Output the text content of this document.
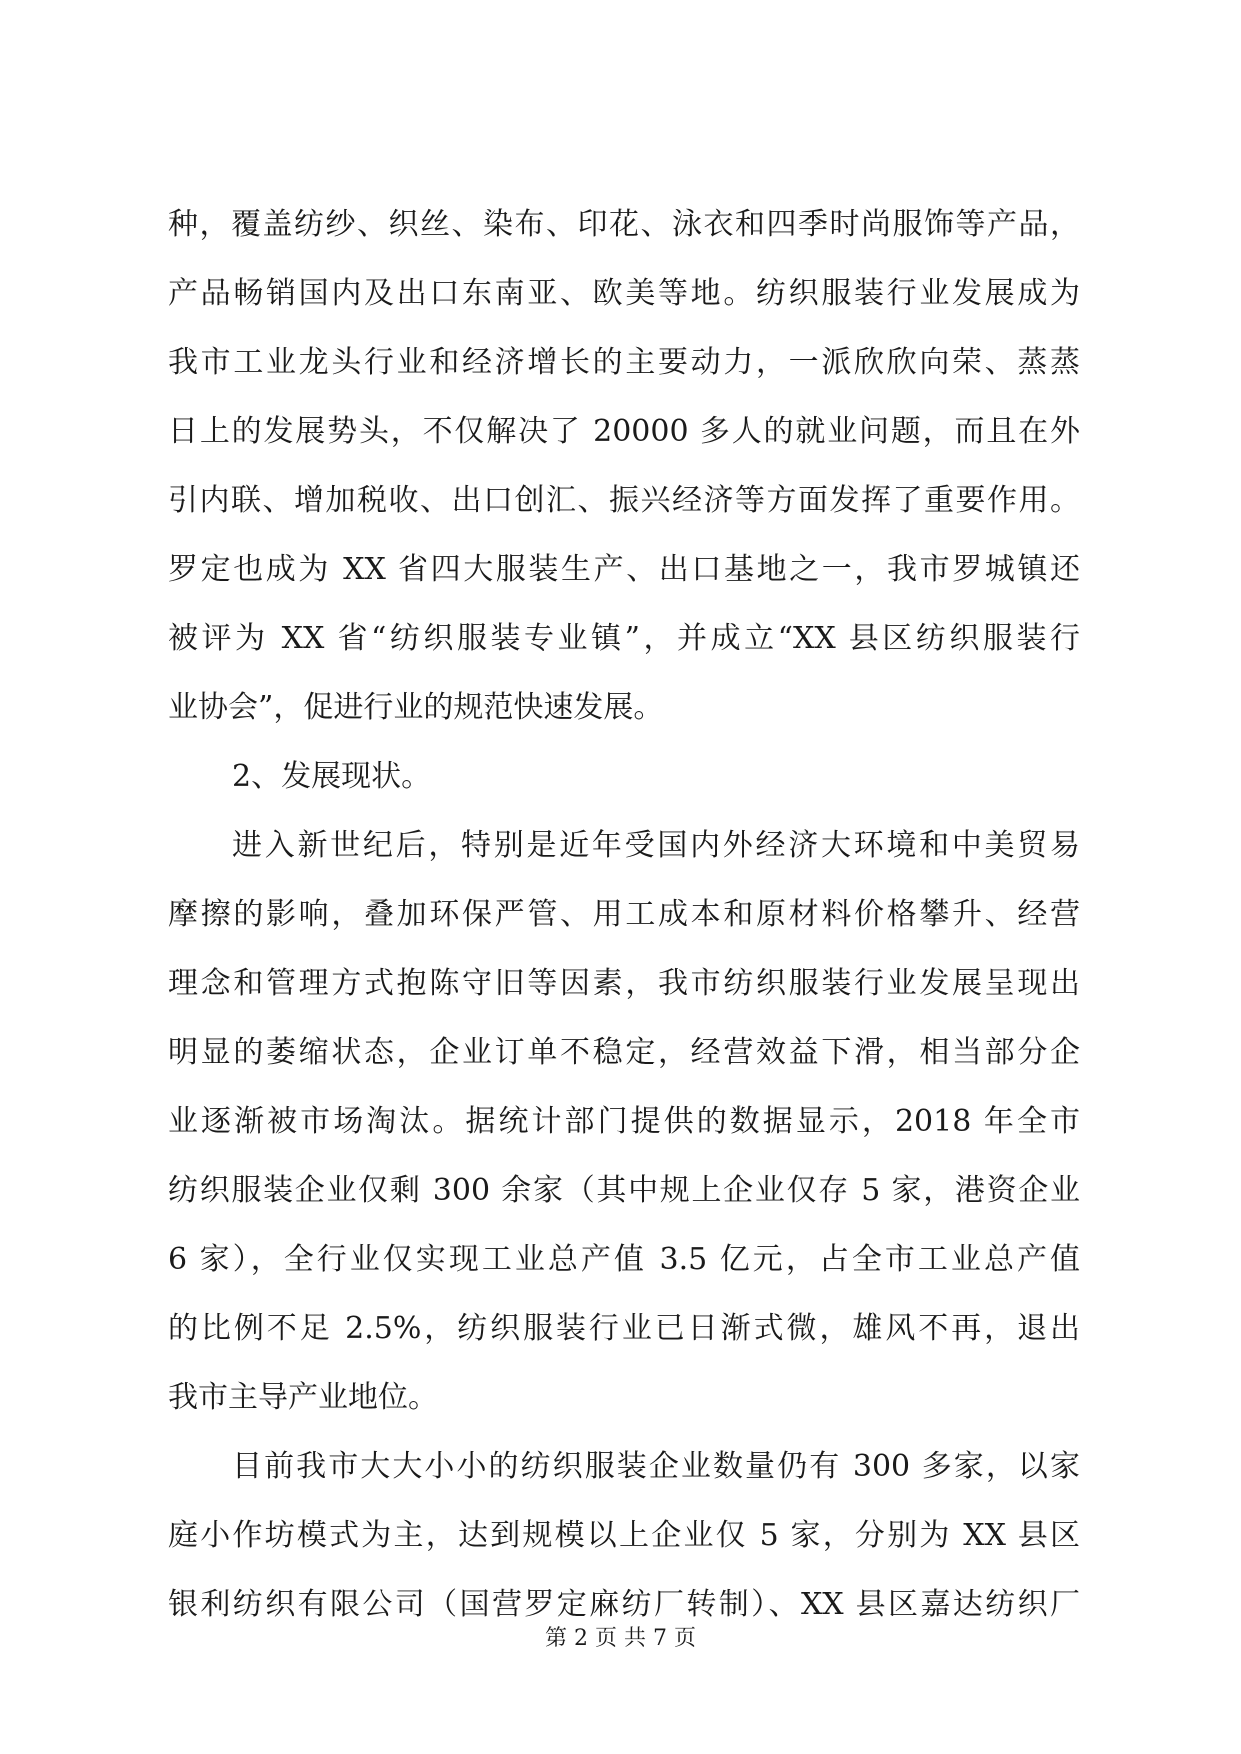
种，覆盖纺纱、织丝、染布、印花、泳衣和四季时尚服饰等产品，
产品畅销国内及出口东南亚、欧美等地。纺织服装行业发展成为
我市工业龙头行业和经济增长的主要动力，一派欣欣向荣、蒸蒸
日上的发展势头，不仅解决了 20000 多人的就业问题，而且在外
引内联、增加税收、出口创汇、振兴经济等方面发挥了重要作用。
罗定也成为 XX 省四大服装生产、出口基地之一，我市罗城镇还
被评为 XX 省“纺织服装专业镇”，并成立“XX 县区纺织服装行
业协会”，促进行业的规范快速发展。
2、发展现状。
进入新世纪后，特别是近年受国内外经济大环境和中美贸易
摩擦的影响，叠加环保严管、用工成本和原材料价格攀升、经营
理念和管理方式抱陈守旧等因素，我市纺织服装行业发展呈现出
明显的萎缩状态，企业订单不稳定，经营效益下滑，相当部分企
业逐渐被市场淘汰。据统计部门提供的数据显示，2018 年全市
纺织服装企业仅剩 300 余家（其中规上企业仅存 5 家，港资企业
6 家），全行业仅实现工业总产值 3.5 亿元，占全市工业总产值
的比例不足 2.5%，纺织服装行业已日渐式微，雄风不再，退出
我市主导产业地位。
目前我市大大小小的纺织服装企业数量仍有 300 多家，以家
庭小作坊模式为主，达到规模以上企业仅 5 家，分别为 XX 县区
银利纺织有限公司（国营罗定麻纺厂转制）、XX 县区嘉达纺织厂
第 2 页 共 7 页
